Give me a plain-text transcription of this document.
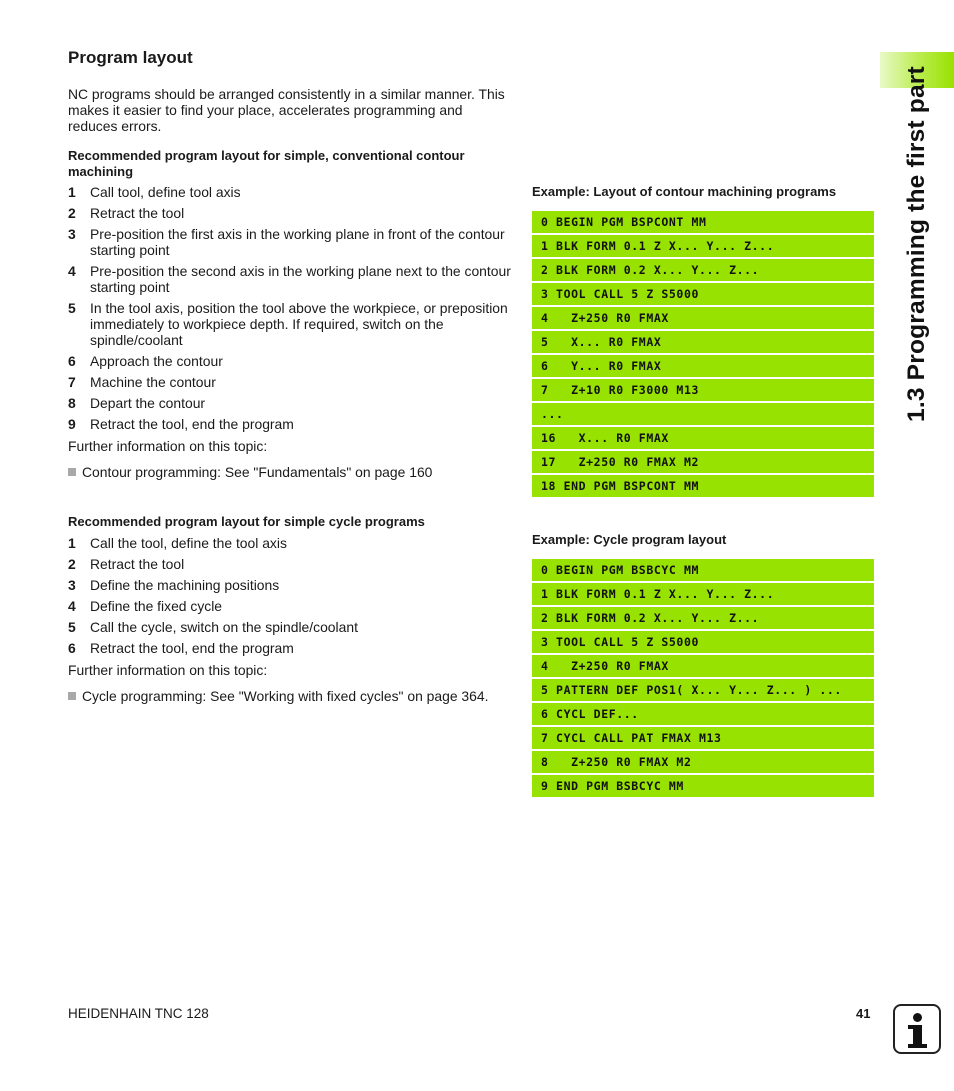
Program layout

NC programs should be arranged consistently in a similar manner. This makes it easier to find your place, accelerates programming and reduces errors.

Recommended program layout for simple, conventional contour machining

1	Call tool, define tool axis
2	Retract the tool
3	Pre-position the first axis in the working plane in front of the contour starting point
4	Pre-position the second axis in the working plane next to the contour starting point
5	In the tool axis, position the tool above the workpiece, or preposition immediately to workpiece depth. If required, switch on the spindle/coolant
6	Approach the contour
7	Machine the contour
8	Depart the contour
9	Retract the tool, end the program

Further information on this topic:

Contour programming: See "Fundamentals" on page 160

Recommended program layout for simple cycle programs

1	Call the tool, define the tool axis
2	Retract the tool
3	Define the machining positions
4	Define the fixed cycle
5	Call the cycle, switch on the spindle/coolant
6	Retract the tool, end the program

Further information on this topic:

Cycle programming: See "Working with fixed cycles" on page 364.

Example: Layout of contour machining programs

0 BEGIN PGM BSPCONT MM
1 BLK FORM 0.1 Z X... Y... Z...
2 BLK FORM 0.2 X... Y... Z...
3 TOOL CALL 5 Z S5000
4   Z+250 R0 FMAX
5   X... R0 FMAX
6   Y... R0 FMAX
7   Z+10 R0 F3000 M13
...
16   X... R0 FMAX
17   Z+250 R0 FMAX M2
18 END PGM BSPCONT MM

Example: Cycle program layout

0 BEGIN PGM BSBCYC MM
1 BLK FORM 0.1 Z X... Y... Z...
2 BLK FORM 0.2 X... Y... Z...
3 TOOL CALL 5 Z S5000
4   Z+250 R0 FMAX
5 PATTERN DEF POS1( X... Y... Z... ) ...
6 CYCL DEF...
7 CYCL CALL PAT FMAX M13
8   Z+250 R0 FMAX M2
9 END PGM BSBCYC MM
1.3 Programming the first part
HEIDENHAIN TNC 128	41
